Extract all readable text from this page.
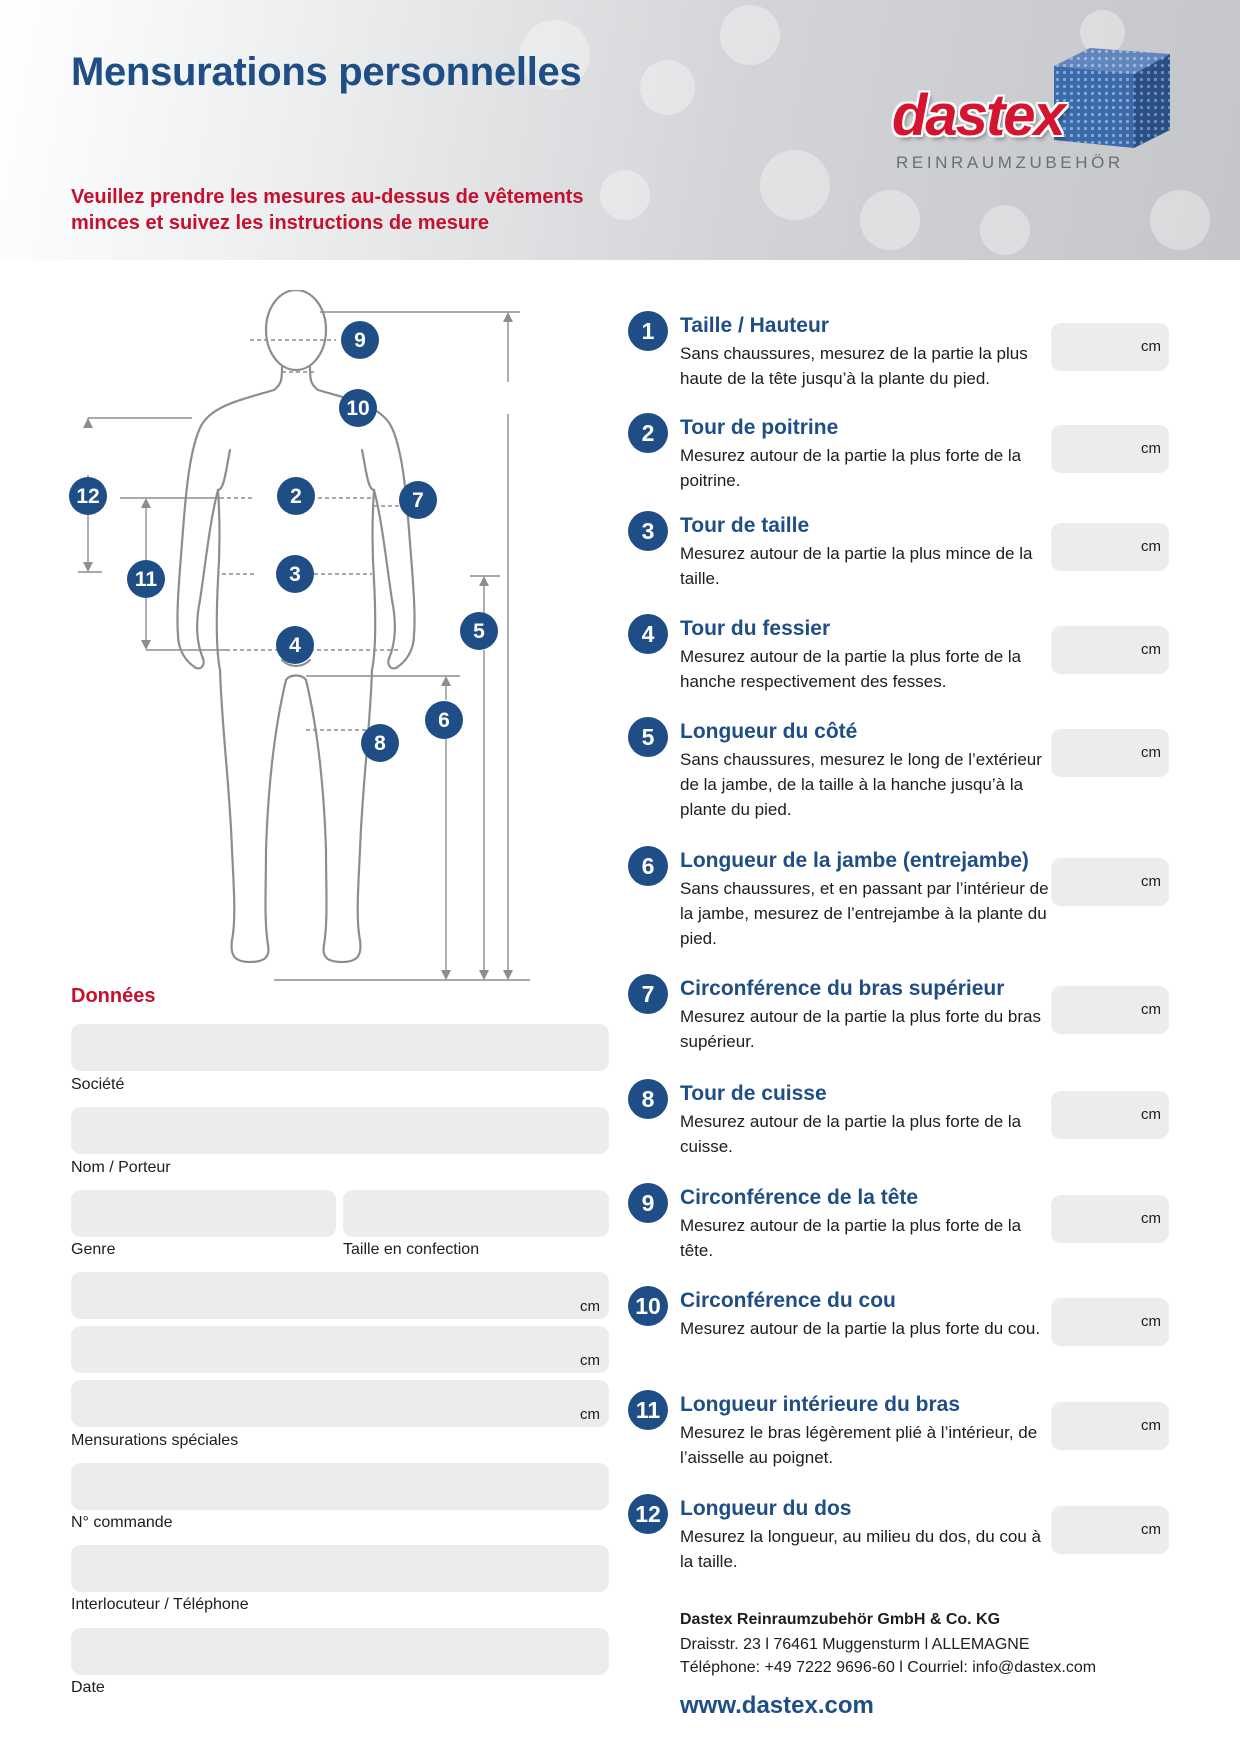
Mensurations personnelles
Veuillez prendre les mesures au-dessus de vêtements minces et suivez les instructions de mesure
dastex
REINRAUMZUBEHÖR
9
10
12	2	7
11	3
5
4
6
8
Données
Société
Nom / Porteur
Genre	Taille en confection
cm
cm
cm
Mensurations spéciales
N° commande
Interlocuteur / Téléphone
Date
1	Taille / Hauteur
Sans chaussures, mesurez de la partie la plus haute de la tête jusqu’à la plante du pied.
cm
2	Tour de poitrine
Mesurez autour de la partie la plus forte de la poitrine.
cm
3	Tour de taille
Mesurez autour de la partie la plus mince de la taille.
cm
4	Tour du fessier
Mesurez autour de la partie la plus forte de la hanche respectivement des fesses.
cm
5	Longueur du côté
Sans chaussures, mesurez le long de l’extérieur de la jambe, de la taille à la hanche jusqu’à la plante du pied.
cm
6	Longueur de la jambe (entrejambe)
Sans chaussures, et en passant par l’intérieur de la jambe, mesurez de l’entrejambe à la plante du pied.
cm
7	Circonférence du bras supérieur
Mesurez autour de la partie la plus forte du bras supérieur.
cm
8	Tour de cuisse
Mesurez autour de la partie la plus forte de la cuisse.
cm
9	Circonférence de la tête
Mesurez autour de la partie la plus forte de la tête.
cm
10 Circonférence du cou
Mesurez autour de la partie la plus forte du cou.	cm
11 Longueur intérieure du bras
Mesurez le bras légèrement plié à l’intérieur, de l’aisselle au poignet.
cm
12 Longueur du dos
Mesurez la longueur, au milieu du dos, du cou à la taille.
cm
Dastex Reinraumzubehör GmbH & Co. KG
Draisstr. 23 l 76461 Muggensturm l ALLEMAGNE
Téléphone: +49 7222 9696-60 l Courriel: info@dastex.com
www.dastex.com
